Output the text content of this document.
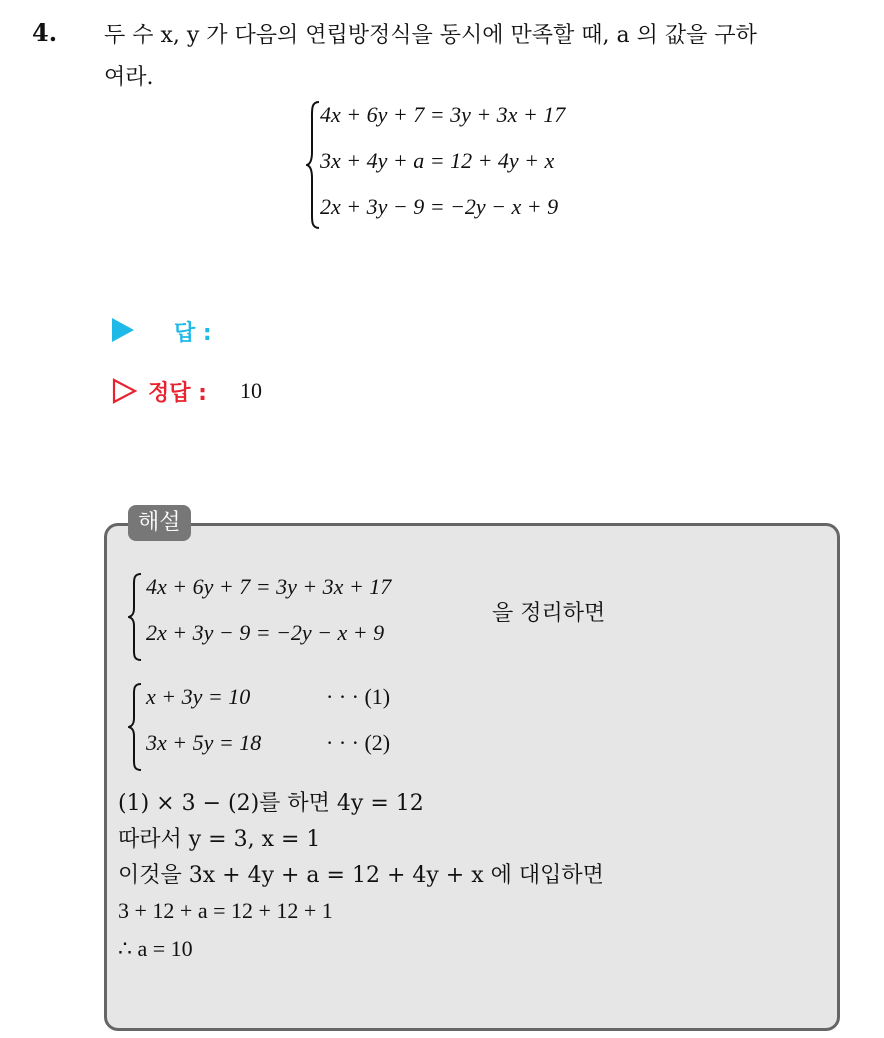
4. 두 수 x, y 가 다음의 연립방정식을 동시에 만족할 때, a 의 값을 구하
여라.
4x + 6y + 7 = 3y + 3x + 17
3x + 4y + a = 12 + 4y + x
2x + 3y − 9 = −2y − x + 9
답 :
정답 : 10
해설
4x + 6y + 7 = 3y + 3x + 17
2x + 3y − 9 = −2y − x + 9
을 정리하면
x + 3y = 10
3x + 5y = 18
· · · (1)
· · · (2)
(1) × 3 − (2)를 하면 4y = 12
따라서 y = 3, x = 1
이것을 3x + 4y + a = 12 + 4y + x 에 대입하면
3 + 12 + a = 12 + 12 + 1
∴ a = 10
